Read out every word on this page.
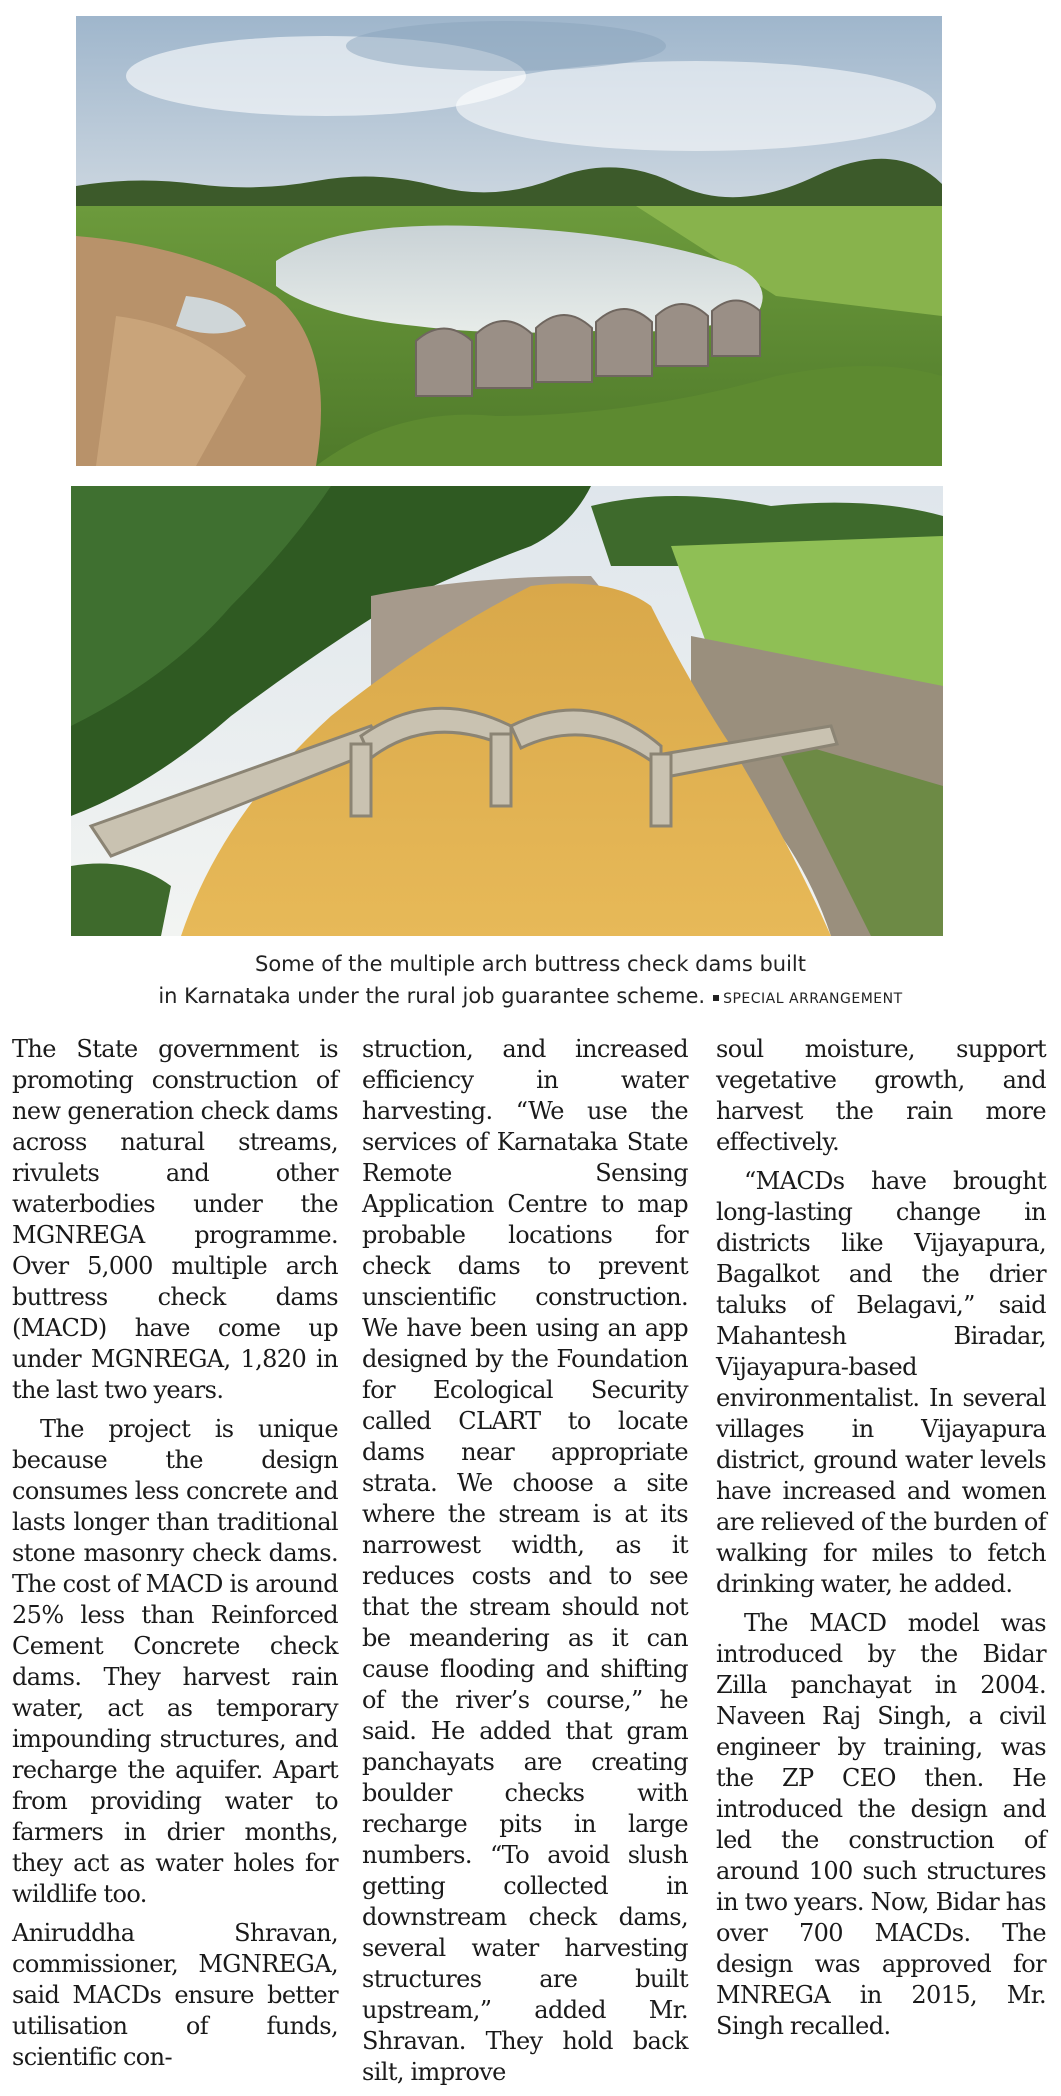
Some of the multiple arch buttress check dams built
in Karnataka under the rural job guarantee scheme. SPECIAL ARRANGEMENT

The State government is promoting construction of new generation check dams across natural streams, rivulets and other waterbodies under the MGNREGA programme. Over 5,000 multiple arch buttress check dams (MACD) have come up under MGNREGA, 1,820 in the last two years.

The project is unique because the design consumes less concrete and lasts longer than traditional stone masonry check dams. The cost of MACD is around 25% less than Reinforced Cement Concrete check dams. They harvest rain water, act as temporary impounding structures, and recharge the aquifer. Apart from providing water to farmers in drier months, they act as water holes for wildlife too.

Aniruddha Shravan, commissioner, MGNREGA, said MACDs ensure better utilisation of funds, scientific con-

struction, and increased efficiency in water harvesting. “We use the services of Karnataka State Remote Sensing Application Centre to map probable locations for check dams to prevent unscientific construction. We have been using an app designed by the Foundation for Ecological Security called CLART to locate dams near appropriate strata. We choose a site where the stream is at its narrowest width, as it reduces costs and to see that the stream should not be meandering as it can cause flooding and shifting of the river’s course,” he said. He added that gram panchayats are creating boulder checks with recharge pits in large numbers. “To avoid slush getting collected in downstream check dams, several water harvesting structures are built upstream,” added Mr. Shravan. They hold back silt, improve

soul moisture, support vegetative growth, and harvest the rain more effectively.

“MACDs have brought long-lasting change in districts like Vijayapura, Bagalkot and the drier taluks of Belagavi,” said Mahantesh Biradar, Vijayapura-based environmentalist. In several villages in Vijayapura district, ground water levels have increased and women are relieved of the burden of walking for miles to fetch drinking water, he added.

The MACD model was introduced by the Bidar Zilla panchayat in 2004. Naveen Raj Singh, a civil engineer by training, was the ZP CEO then. He introduced the design and led the construction of around 100 such structures in two years. Now, Bidar has over 700 MACDs. The design was approved for MNREGA in 2015, Mr. Singh recalled.
